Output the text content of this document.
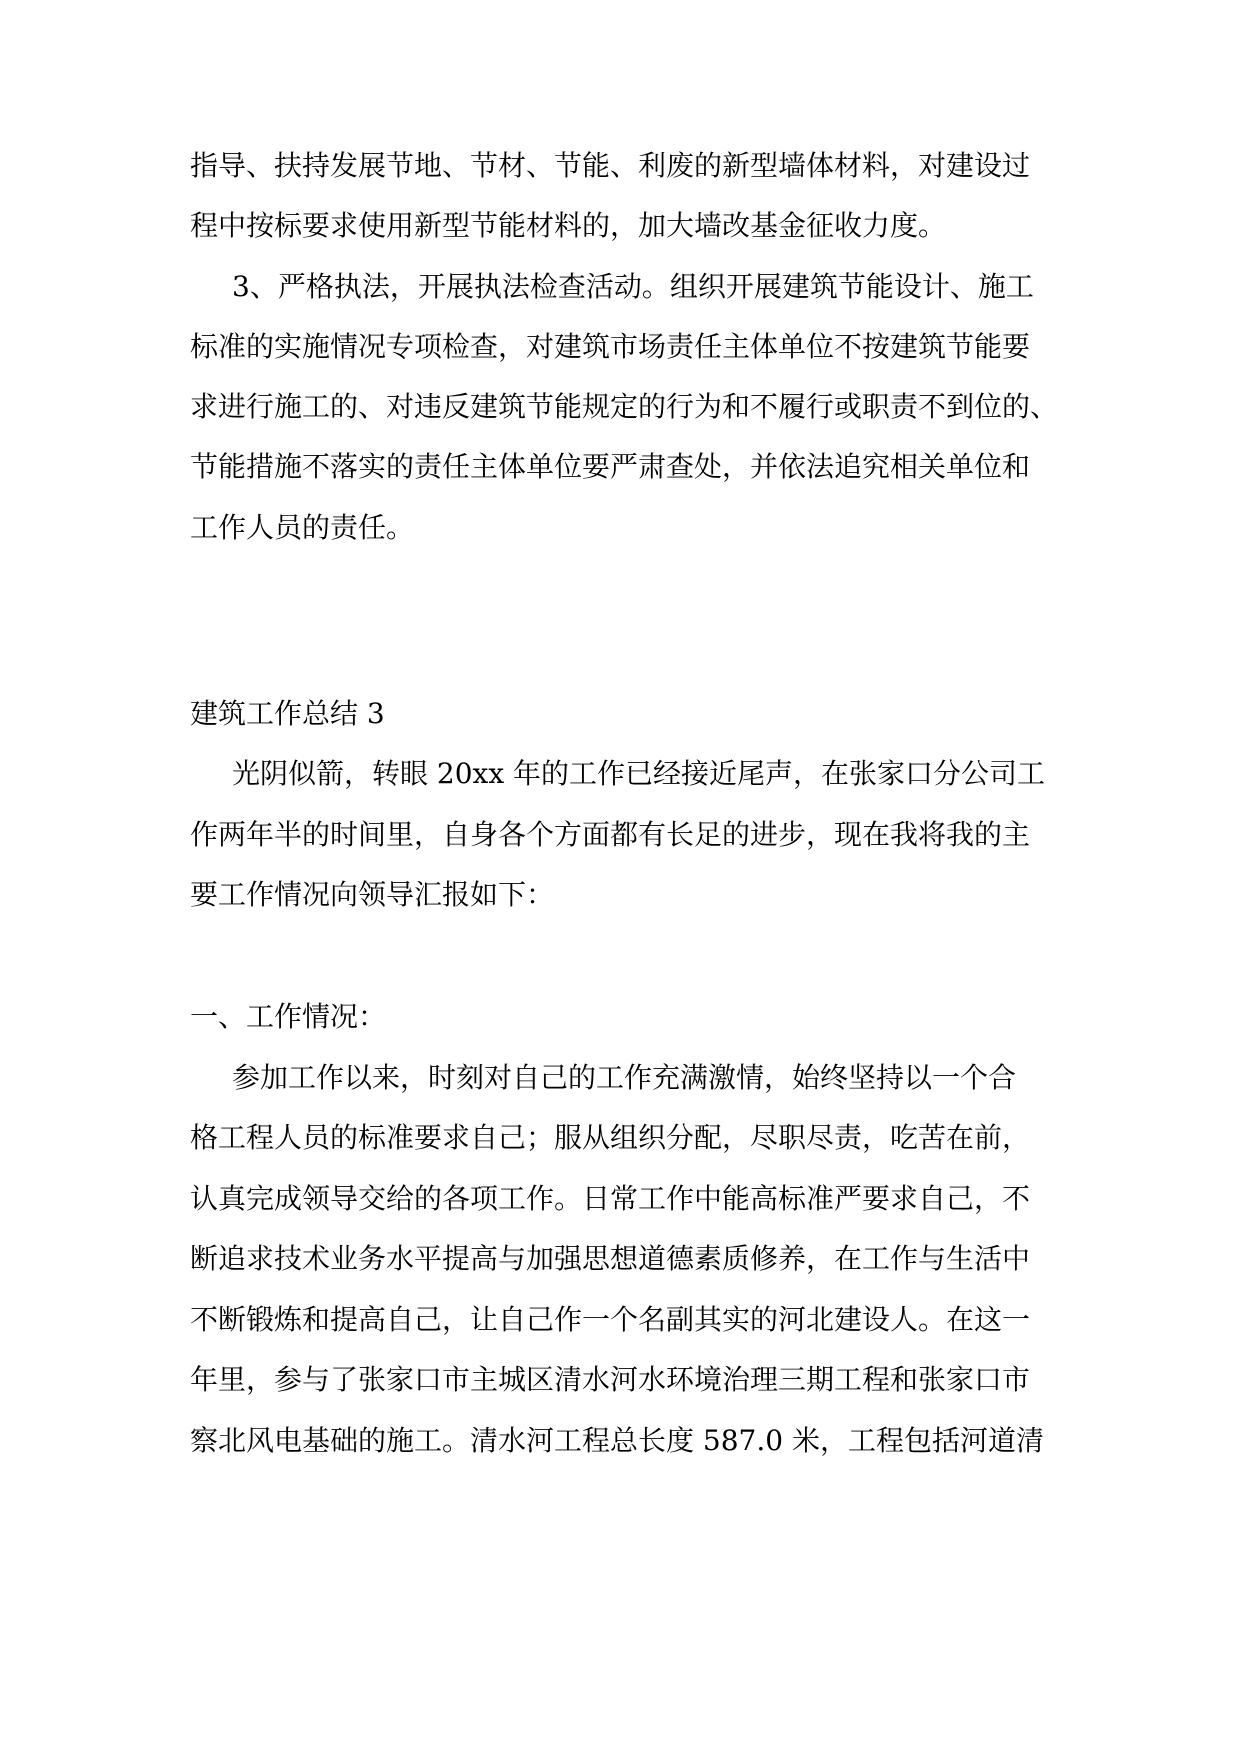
指导、扶持发展节地、节材、节能、利废的新型墙体材料，对建设过

程中按标要求使用新型节能材料的，加大墙改基金征收力度。

3、严格执法，开展执法检查活动。组织开展建筑节能设计、施工

标准的实施情况专项检查，对建筑市场责任主体单位不按建筑节能要

求进行施工的、对违反建筑节能规定的行为和不履行或职责不到位的、

节能措施不落实的责任主体单位要严肃查处，并依法追究相关单位和

工作人员的责任。

建筑工作总结 3

光阴似箭，转眼 20xx 年的工作已经接近尾声，在张家口分公司工

作两年半的时间里，自身各个方面都有长足的进步，现在我将我的主

要工作情况向领导汇报如下：

一、工作情况：

参加工作以来，时刻对自己的工作充满激情，始终坚持以一个合

格工程人员的标准要求自己；服从组织分配，尽职尽责，吃苦在前，

认真完成领导交给的各项工作。日常工作中能高标准严要求自己，不

断追求技术业务水平提高与加强思想道德素质修养，在工作与生活中

不断锻炼和提高自己，让自己作一个名副其实的河北建设人。在这一

年里，参与了张家口市主城区清水河水环境治理三期工程和张家口市

察北风电基础的施工。清水河工程总长度 587.0 米，工程包括河道清
